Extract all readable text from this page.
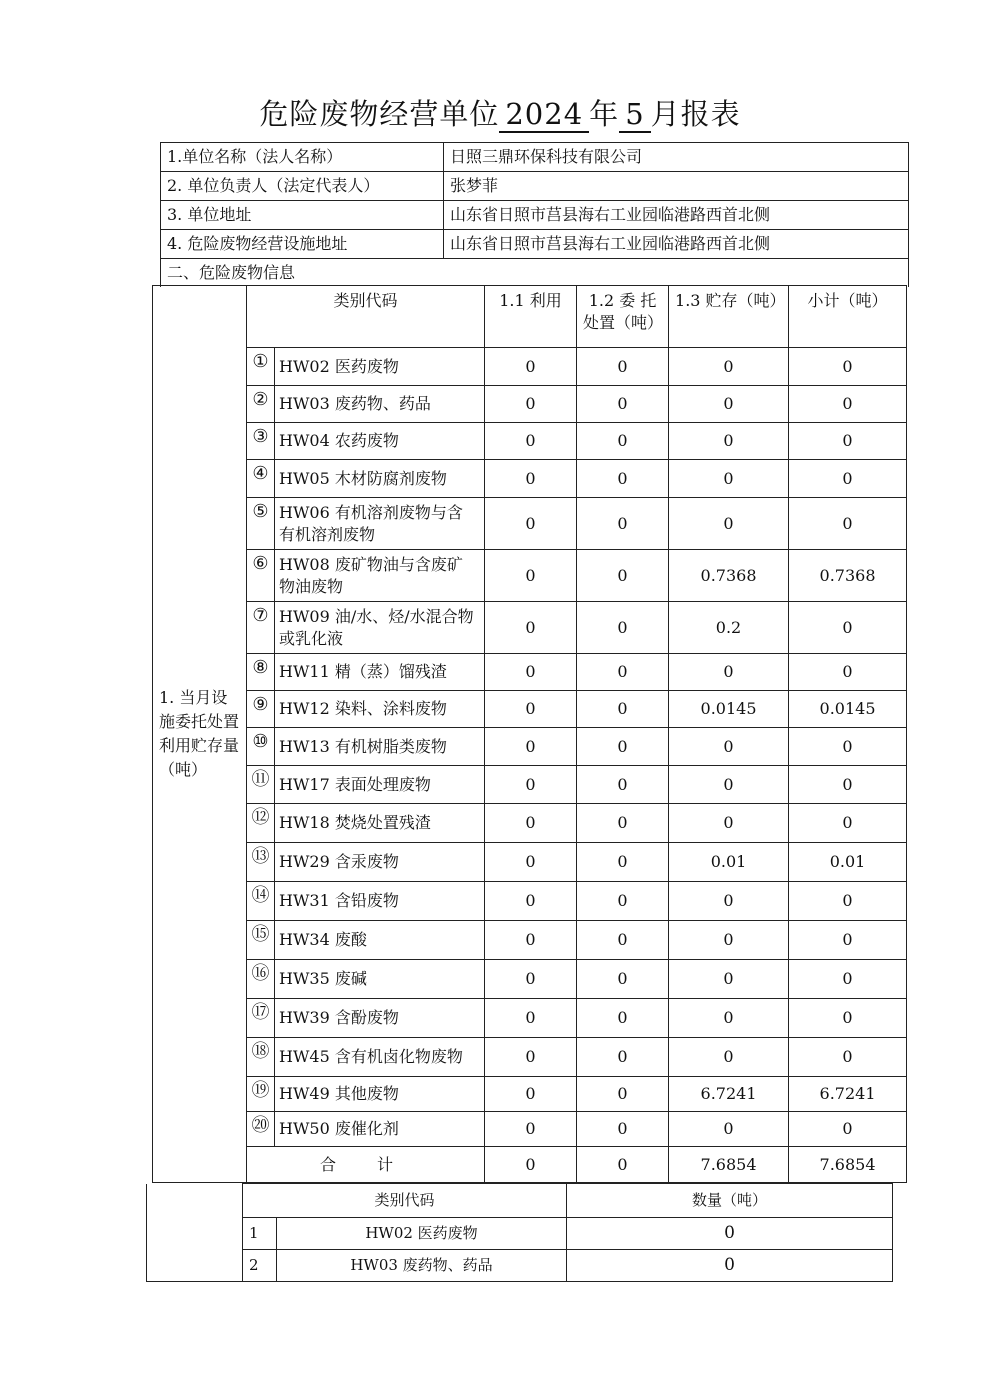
危险废物经营单位 2024 年 5 月报表
1.单位名称（法人名称）	日照三鼎环保科技有限公司
2. 单位负责人（法定代表人）	张梦菲
3. 单位地址	山东省日照市莒县海右工业园临港路西首北侧
4. 危险废物经营设施地址	山东省日照市莒县海右工业园临港路西首北侧
二、危险废物信息	
1. 当月设施委托处置利用贮存量（吨）	类别代码		1.1 利用	1.2 委 托处置（吨）	1.3 贮存（吨）	小计（吨）
	①	HW02 医药废物	0	0	0	0
	②	HW03 废药物、药品	0	0	0	0
	③	HW04 农药废物	0	0	0	0
	④	HW05 木材防腐剂废物	0	0	0	0
	⑤	HW06 有机溶剂废物与含有机溶剂废物	0	0	0	0
	⑥	HW08 废矿物油与含废矿物油废物	0	0	0.7368	0.7368
	⑦	HW09 油/水、烃/水混合物或乳化液	0	0	0.2	0
	⑧	HW11 精（蒸）馏残渣	0	0	0	0
	⑨	HW12 染料、涂料废物	0	0	0.0145	0.0145
	⑩	HW13 有机树脂类废物	0	0	0	0
	⑪	HW17 表面处理废物	0	0	0	0
	⑫	HW18 焚烧处置残渣	0	0	0	0
	⑬	HW29 含汞废物	0	0	0.01	0.01
	⑭	HW31 含铅废物	0	0	0	0
	⑮	HW34 废酸	0	0	0	0
	⑯	HW35 废碱	0	0	0	0
	⑰	HW39 含酚废物	0	0	0	0
	⑱	HW45 含有机卤化物废物	0	0	0	0
	⑲	HW49 其他废物	0	0	6.7241	6.7241
	⑳	HW50 废催化剂	0	0	0	0
	合 计		0	0	7.6854	7.6854
	类别代码		数量（吨）
	1	HW02 医药废物	0
	2	HW03 废药物、药品	0
